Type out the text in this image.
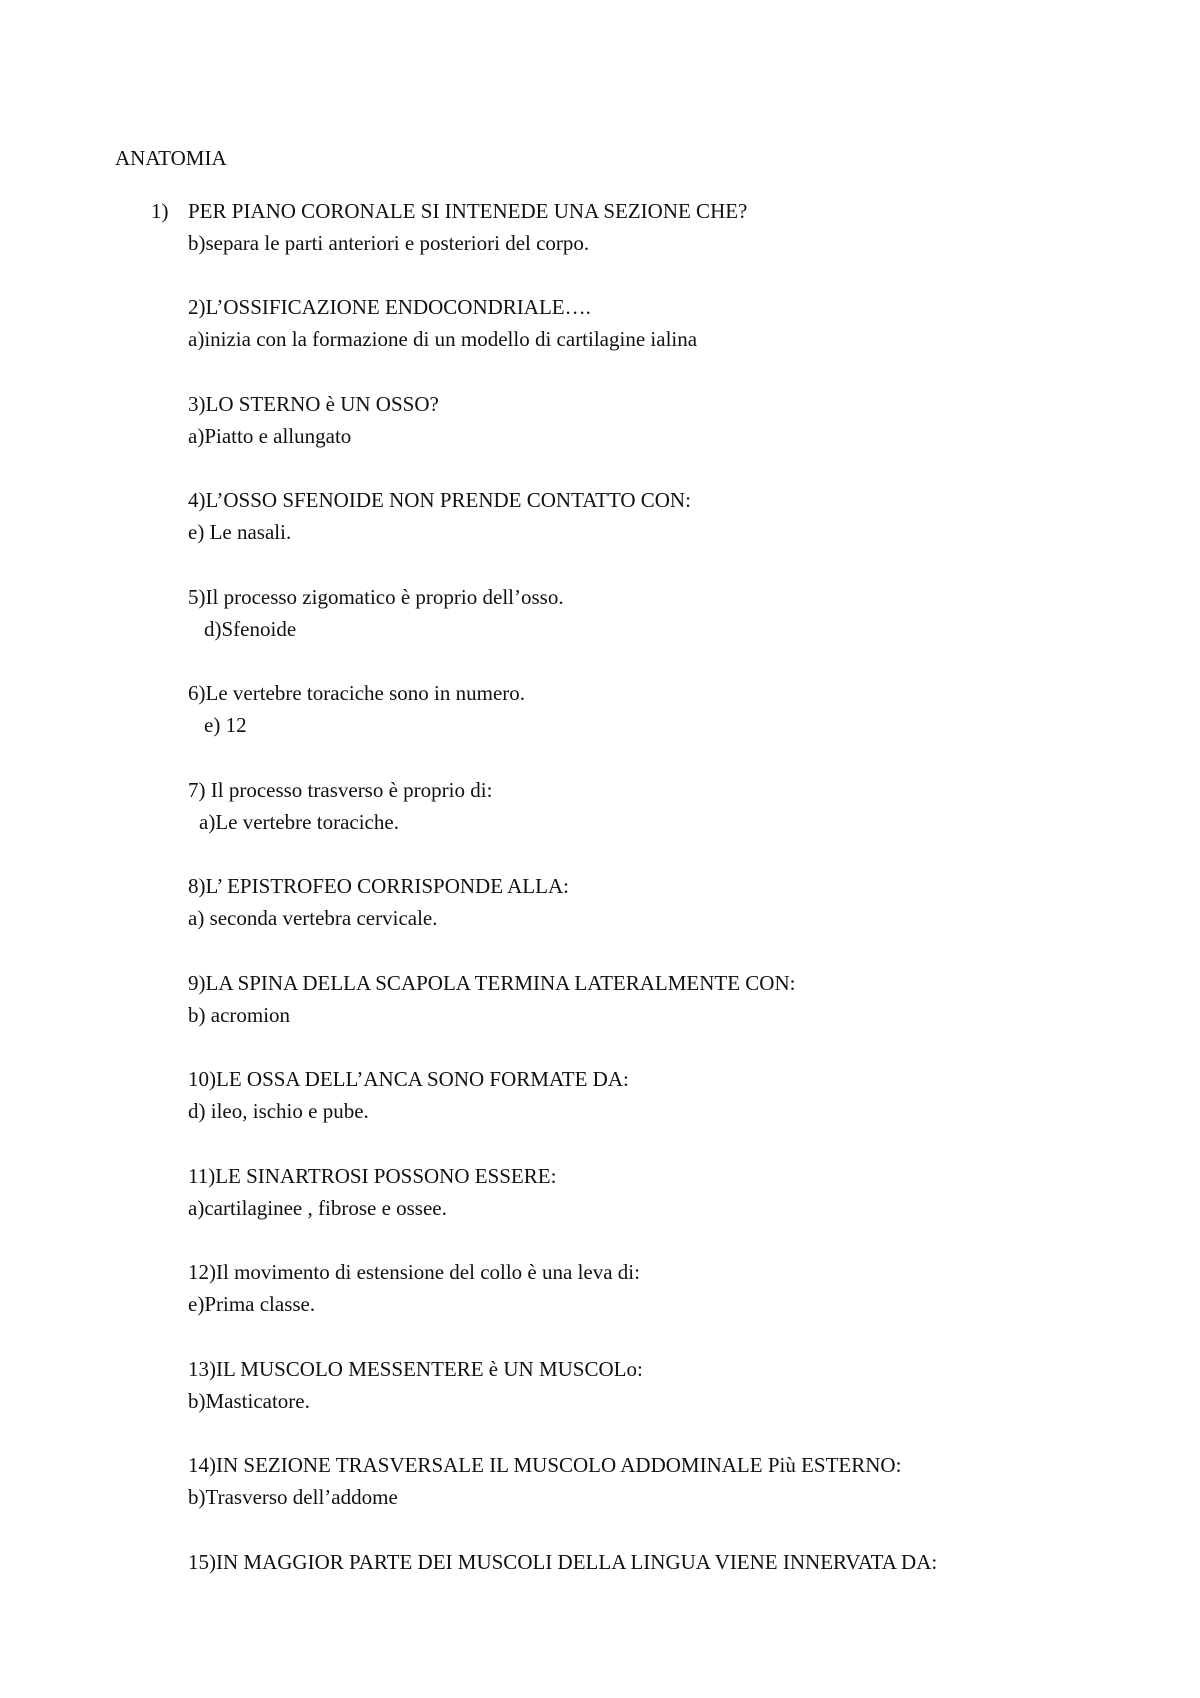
ANATOMIA
1) PER PIANO CORONALE SI INTENEDE UNA SEZIONE CHE?
b)separa le parti anteriori e posteriori del corpo.
2)L’OSSIFICAZIONE ENDOCONDRIALE….
a)inizia con la formazione di un modello di cartilagine ialina
3)LO STERNO è UN OSSO?
a)Piatto e allungato
4)L’OSSO SFENOIDE NON PRENDE CONTATTO CON:
e) Le nasali.
5)Il processo zigomatico è proprio dell’osso.
d)Sfenoide
6)Le vertebre toraciche sono in numero.
e) 12
7) Il processo trasverso è proprio di:
a)Le vertebre toraciche.
8)L’ EPISTROFEO CORRISPONDE ALLA:
a) seconda vertebra cervicale.
9)LA SPINA DELLA SCAPOLA TERMINA LATERALMENTE CON:
b) acromion
10)LE OSSA DELL’ANCA SONO FORMATE DA:
d) ileo, ischio e pube.
11)LE SINARTROSI POSSONO ESSERE:
a)cartilaginee , fibrose e ossee.
12)Il movimento di estensione del collo è una leva di:
e)Prima classe.
13)IL MUSCOLO MESSENTERE è UN MUSCOLo:
b)Masticatore.
14)IN SEZIONE TRASVERSALE IL MUSCOLO ADDOMINALE Più ESTERNO:
b)Trasverso dell’addome
15)IN MAGGIOR PARTE DEI MUSCOLI DELLA LINGUA VIENE INNERVATA DA:
